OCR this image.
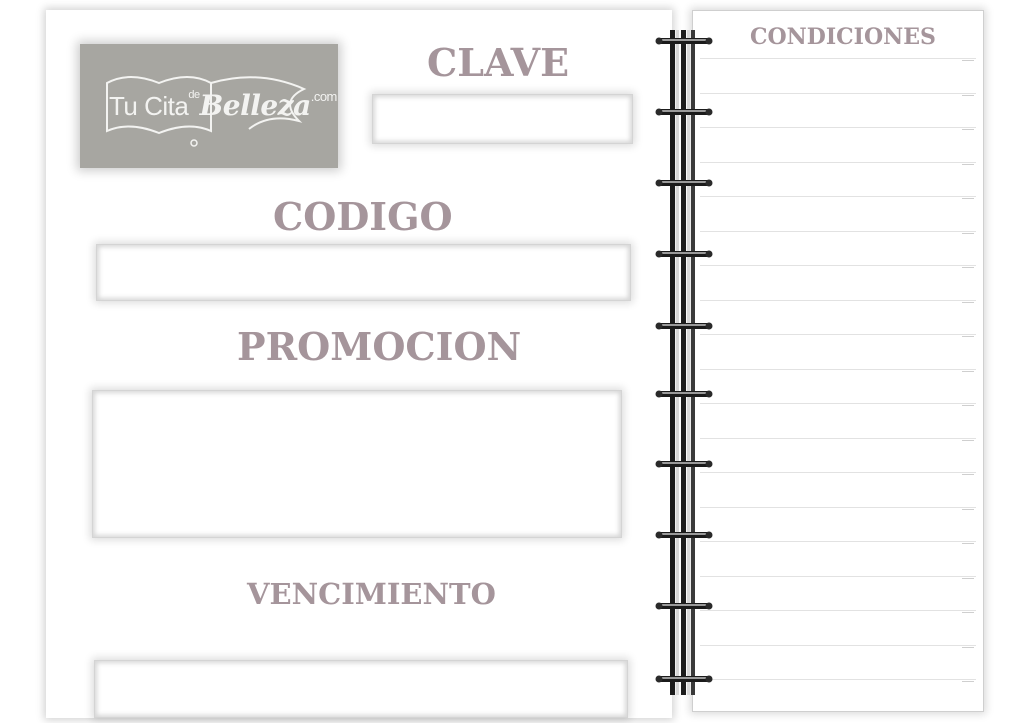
Tu Cita$^{de}$Belleza$^{.com}$
CLAVE
CODIGO
PROMOCION
VENCIMIENTO
CONDICIONES
